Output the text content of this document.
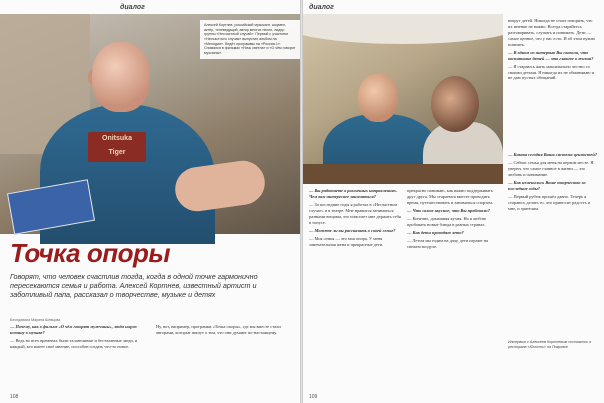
диалог
Onitsuka
Tiger
Алексей Кортнев, российский музыкант, шоумен, актёр, телеведущий, автор многих песен, лидер группы «Несчастный случай». Первый с участием «Несчастного случая» выпустил альбом на «Мелодии». Ведёт программы на «Россия-1». Снимался в фильмах «Ночь светла» и «О чём говорят мужчины».
Точка опоры
Говорят, что человек счастлив тогда, когда в одной точке гармонично пересекаются семья и работа. Алексей Кортнев, известный артист и заботливый папа, рассказал о творчестве, музыке и детях
Беседовала Марина Шевцова

— Почему, как в фильме «О чём говорят мужчины», люди ищут истину в музыке?

— Ведь во всех временах были талантливые и бесталанные люди, и каждый, кто имеет своё мнение, способен создать что-то новое.

Ну, вот, например, программа «Точка опоры», где мы вместе стали авторами, которые пишут о том, что они думают по-настоящему.

108
диалог

вокруг детей. Никогда не стоит говорить, что их мнение не важно. Всегда старайтесь разговаривать, слушать и понимать. Дети — самое ценное, что у нас есть. И об этом нужно помнить.

— В одном из интервью Вы сказали, что воспитание детей — это главное в жизни?

— Я стараюсь жить максимально честно со своими детьми. Я никогда их не обманываю и не даю пустых обещаний.

— Вы работаете в различных направлениях. Чем вам интереснее заниматься?

— За последние годы я работал в «Несчастном случае» и в театре. Мне нравится заниматься разными вещами, это помогает мне держать себя в тонусе.

— Можете ли вы рассказать о своей семье?

— Моя семья — это моя опора. У меня замечательная жена и прекрасные дети.

прекрасно понимаю, как важно поддерживать друг друга. Мы стараемся вместе проводить время, путешествовать и заниматься спортом.

— Что самое вкусное, что Вы пробовали?

— Конечно, домашняя кухня. Но я люблю пробовать новые блюда в разных странах.

— Как дети проводят лето?

— Летом мы ездим на дачу, дети играют на свежем воздухе.

— Какова сегодня Ваша система ценностей?

— Сейчас семья для меня на первом месте. Я уверен, что самое главное в жизни — это любовь и понимание.

— Как изменилось Ваше творчество за последние годы?

— Первый рубеж прошёл давно. Теперь я стараюсь делать то, что приносит радость и мне, и зрителям.

Интервью с Алексеем Кортневым состоялось в ресторане «Юность» на Покровке
109
